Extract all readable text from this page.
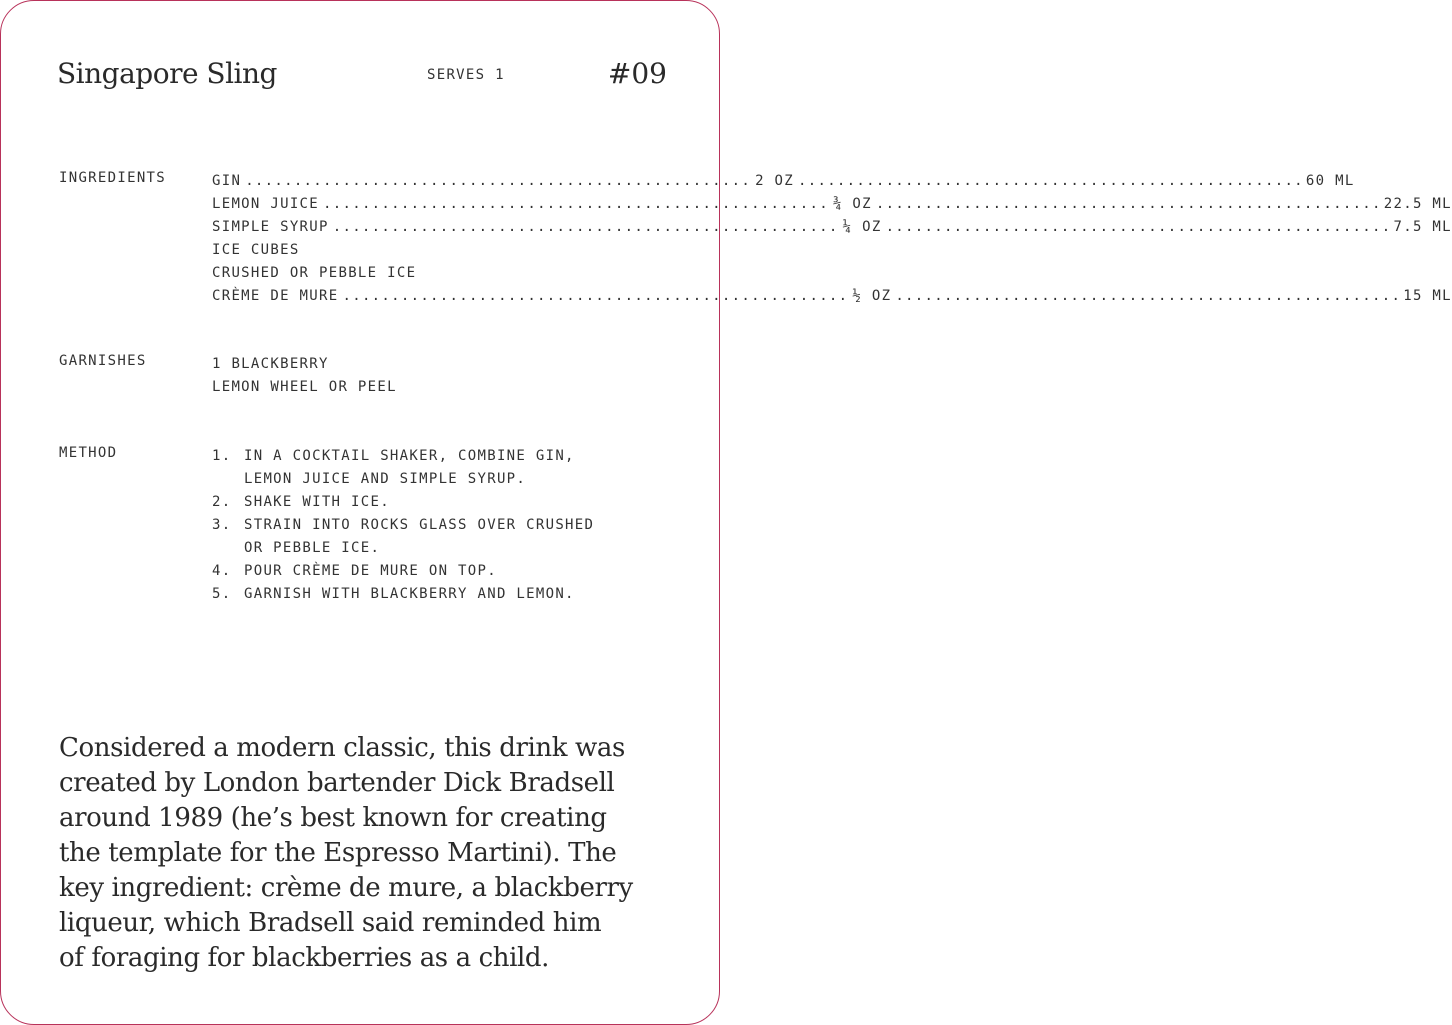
Singapore Sling	SERVES 1	#09
INGREDIENTS	GIN .................................................... 2 OZ .................................................... 60 ML
LEMON JUICE .................................................... ¾ OZ .................................................... 22.5 ML
SIMPLE SYRUP .................................................... ¼ OZ .................................................... 7.5 ML
ICE CUBES
CRUSHED OR PEBBLE ICE
CRÈME DE MURE .................................................... ½ OZ .................................................... 15 ML
GARNISHES	1 BLACKBERRY
LEMON WHEEL OR PEEL
METHOD	1. IN A COCKTAIL SHAKER, COMBINE GIN,
LEMON JUICE AND SIMPLE SYRUP.
2. SHAKE WITH ICE.
3. STRAIN INTO ROCKS GLASS OVER CRUSHED
OR PEBBLE ICE.
4. POUR CRÈME DE MURE ON TOP.
5. GARNISH WITH BLACKBERRY AND LEMON.
Considered a modern classic, this drink was
created by London bartender Dick Bradsell
around 1989 (he’s best known for creating
the template for the Espresso Martini). The
key ingredient: crème de mure, a blackberry
liqueur, which Bradsell said reminded him
of foraging for blackberries as a child.
